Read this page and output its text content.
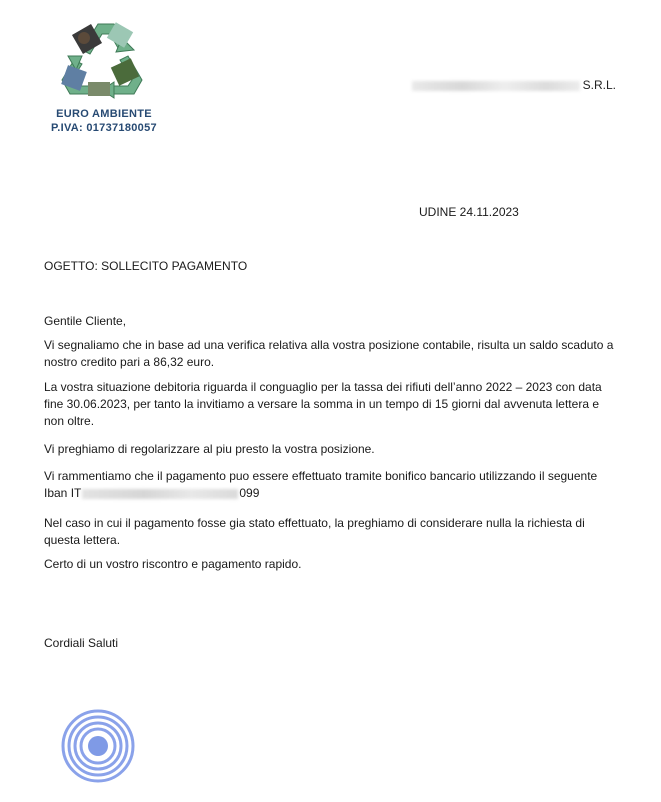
EURO AMBIENTE
P.IVA: 01737180057
S.R.L.
UDINE 24.11.2023
OGETTO: SOLLECITO PAGAMENTO
Gentile Cliente,
Vi segnaliamo che in base ad una verifica relativa alla vostra posizione contabile, risulta un saldo scaduto a nostro credito pari a 86,32 euro.
La vostra situazione debitoria riguarda il conguaglio per la tassa dei rifiuti dell’anno 2022 – 2023 con data fine 30.06.2023, per tanto la invitiamo a versare la somma in un tempo di 15 giorni dal avvenuta lettera e non oltre.
Vi preghiamo di regolarizzare al piu presto la vostra posizione.
Vi rammentiamo che il pagamento puo essere effettuato tramite bonifico bancario utilizzando il seguente
Iban IT	099
Nel caso in cui il pagamento fosse gia stato effettuato, la preghiamo di considerare nulla la richiesta di questa lettera.
Certo di un vostro riscontro e pagamento rapido.
Cordiali Saluti
